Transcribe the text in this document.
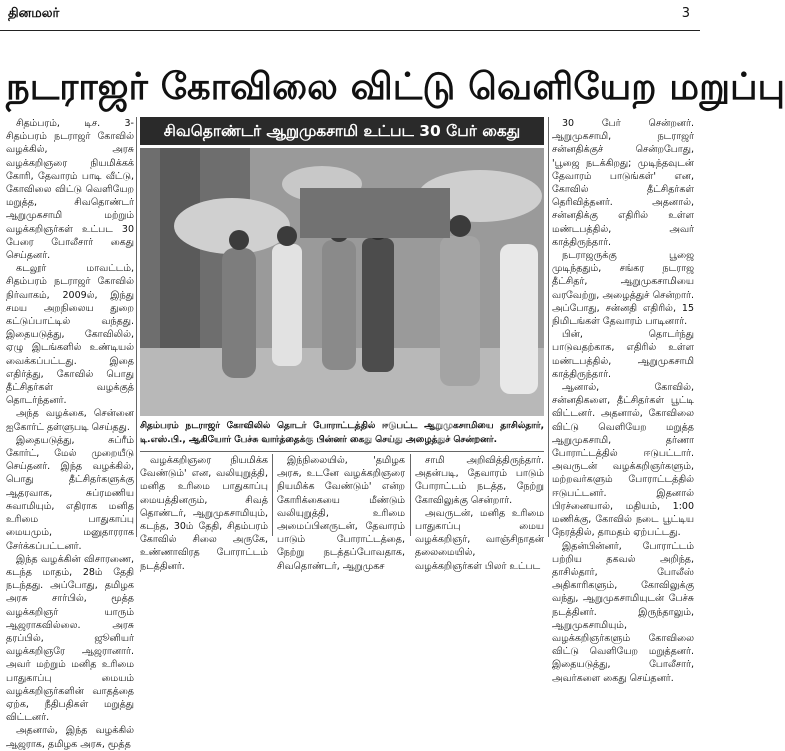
தினமலர்	3
நடராஜர் கோவிலை விட்டு வெளியேற மறுப்பு

சிதம்பரம், டிச. 3- சிதம்பரம் நடராஜர் கோவில் வழக்கில், அரசு வழக்கறிஞரை நியமிக்கக் கோரி, தேவாரம் பாடி வீட்டு, கோவிலை விட்டு வெளியேற மறுத்த, சிவதொண்டர் ஆறுமுகசாமி மற்றும் வழக்கறிஞர்கள் உட்பட 30 பேரை போலீசார் கைது செய்தனர்.

கடலூர் மாவட்டம், சிதம்பரம் நடராஜர் கோவில் நிர்வாகம், 2009ல், இந்து சமய அறநிலைய துறை கட்டுப்பாட்டில் வந்தது. இதையடுத்து, கோவிலில், ஏழு இடங்களில் உண்டியல் வைக்கப்பட்டது. இதை எதிர்த்து, கோவில் பொது தீட்சிதர்கள் வழக்குத் தொடர்ந்தனர்.

அந்த வழக்கை, சென்னை ஐகோர்ட் தள்ளுபடி செய்தது.

இதையடுத்து, சுப்ரீம் கோர்ட், மேல் முறையீடு செய்தனர். இந்த வழக்கில், பொது தீட்சிதர்களுக்கு ஆதரவாக, சுப்ரமணிய சுவாமியும், எதிராக மனித உரிமை பாதுகாப்பு மையமும், மனுதாரராக சேர்க்கப்பட்டனர்.

இந்த வழக்கின் விசாரணை, கடந்த மாதம், 28ம் தேதி நடந்தது. அப்போது, தமிழக அரசு சார்பில், மூத்த வழக்கறிஞர் யாரும் ஆஜராகவில்லை. அரசு தரப்பில், ஜூனியர் வழக்கறிஞரே ஆஜரானார். அவர் மற்றும் மனித உரிமை பாதுகாப்பு மையம் வழக்கறிஞர்களின் வாதத்தை ஏற்க, நீதிபதிகள் மறுத்து விட்டனர்.

அதனால், இந்த வழக்கில் ஆஜராக, தமிழக அரசு, மூத்த

சிவதொண்டர் ஆறுமுகசாமி உட்பட 30 பேர் கைது
சிதம்பரம் நடராஜர் கோவிலில் தொடர் போராட்டத்தில் ஈடுபட்ட ஆறுமுகசாமியை தாசில்தார், டி.எஸ்.பி., ஆகியோர் பேச்சு வார்த்தைக்கு பின்னர் கைது செய்து அழைத்துச் சென்றனர்.

வழக்கறிஞரை நியமிக்க வேண்டும்' என, வலியுறுத்தி, மனித உரிமை பாதுகாப்பு மையத்தினரும், சிவத் தொண்டர், ஆறுமுகசாமியும், கடந்த, 30ம் தேதி, சிதம்பரம் கோவில் சிலை அருகே, உண்ணாவிரத போராட்டம் நடத்தினர்.

இந்நிலையில், 'தமிழக அரசு, உடனே வழக்கறிஞரை நியமிக்க வேண்டும்' என்ற கோரிக்கையை மீண்டும் வலியுறுத்தி, உரிமை அமைப்பினருடன், தேவாரம் பாடும் போராட்டத்தை, நேற்று நடத்தப்போவதாக, சிவதொண்டர், ஆறுமுகச

சாமி அறிவித்திருந்தார். அதன்படி, தேவாரம் பாடும் போராட்டம் நடத்த, நேற்று கோவிலுக்கு சென்றார்.

அவருடன், மனித உரிமை பாதுகாப்பு மைய வழக்கறிஞர், வாஞ்சிநாதன் தலைமையில், வழக்கறிஞர்கள் பிலர் உட்பட

30 பேர் சென்றனர். ஆறுமுகசாமி, நடராஜர் சன்னதிக்குச் சென்றபோது, 'பூஜை நடக்கிறது; முடிந்தவுடன் தேவாரம் பாடுங்கள்' என, கோவில் தீட்சிதர்கள் தெரிவித்தனர். அதனால், சன்னதிக்கு எதிரில் உள்ள மண்டபத்தில், அவர் காத்திருந்தார்.

நடராஜருக்கு பூஜை முடிந்ததும், சங்கர நடராஜ தீட்சிதர், ஆறுமுகசாமியை வரவேற்று, அழைத்துச் சென்றார். அப்போது, சன்னதி எதிரில், 15 நிமிடங்கள் தேவாரம் பாடினார்.

பின், தொடர்ந்து பாடுவதற்காக, எதிரில் உள்ள மண்டபத்தில், ஆறுமுகசாமி காத்திருந்தார்.

ஆனால், கோவில், சன்னதிகளை, தீட்சிதர்கள் பூட்டி விட்டனர். அதனால், கோவிலை விட்டு வெளியேற மறுத்த ஆறுமுகசாமி, தர்ணா போராட்டத்தில் ஈடுபட்டார். அவருடன் வழக்கறிஞர்களும், மற்றவர்களும் போராட்டத்தில் ஈடுபட்டனர். இதனால் பிரச்னையால், மதியம், 1:00 மணிக்கு, கோவில் நடை பூட்டிய நேரத்தில், தாமதம் ஏற்பட்டது.

இதன்பின்னர், போராட்டம் பற்றிய தகவல் அறிந்த, தாசில்தார், போலீஸ் அதிகாரிகளும், கோவிலுக்கு வந்து, ஆறுமுகசாமியுடன் பேச்சு நடத்தினர். இருந்தாலும், ஆறுமுகசாமியும், வழக்கறிஞர்களும் கோவிலை விட்டு வெளியேற மறுத்தனர். இதையடுத்து, போலீசார், அவர்களை கைது செய்தனர்.
